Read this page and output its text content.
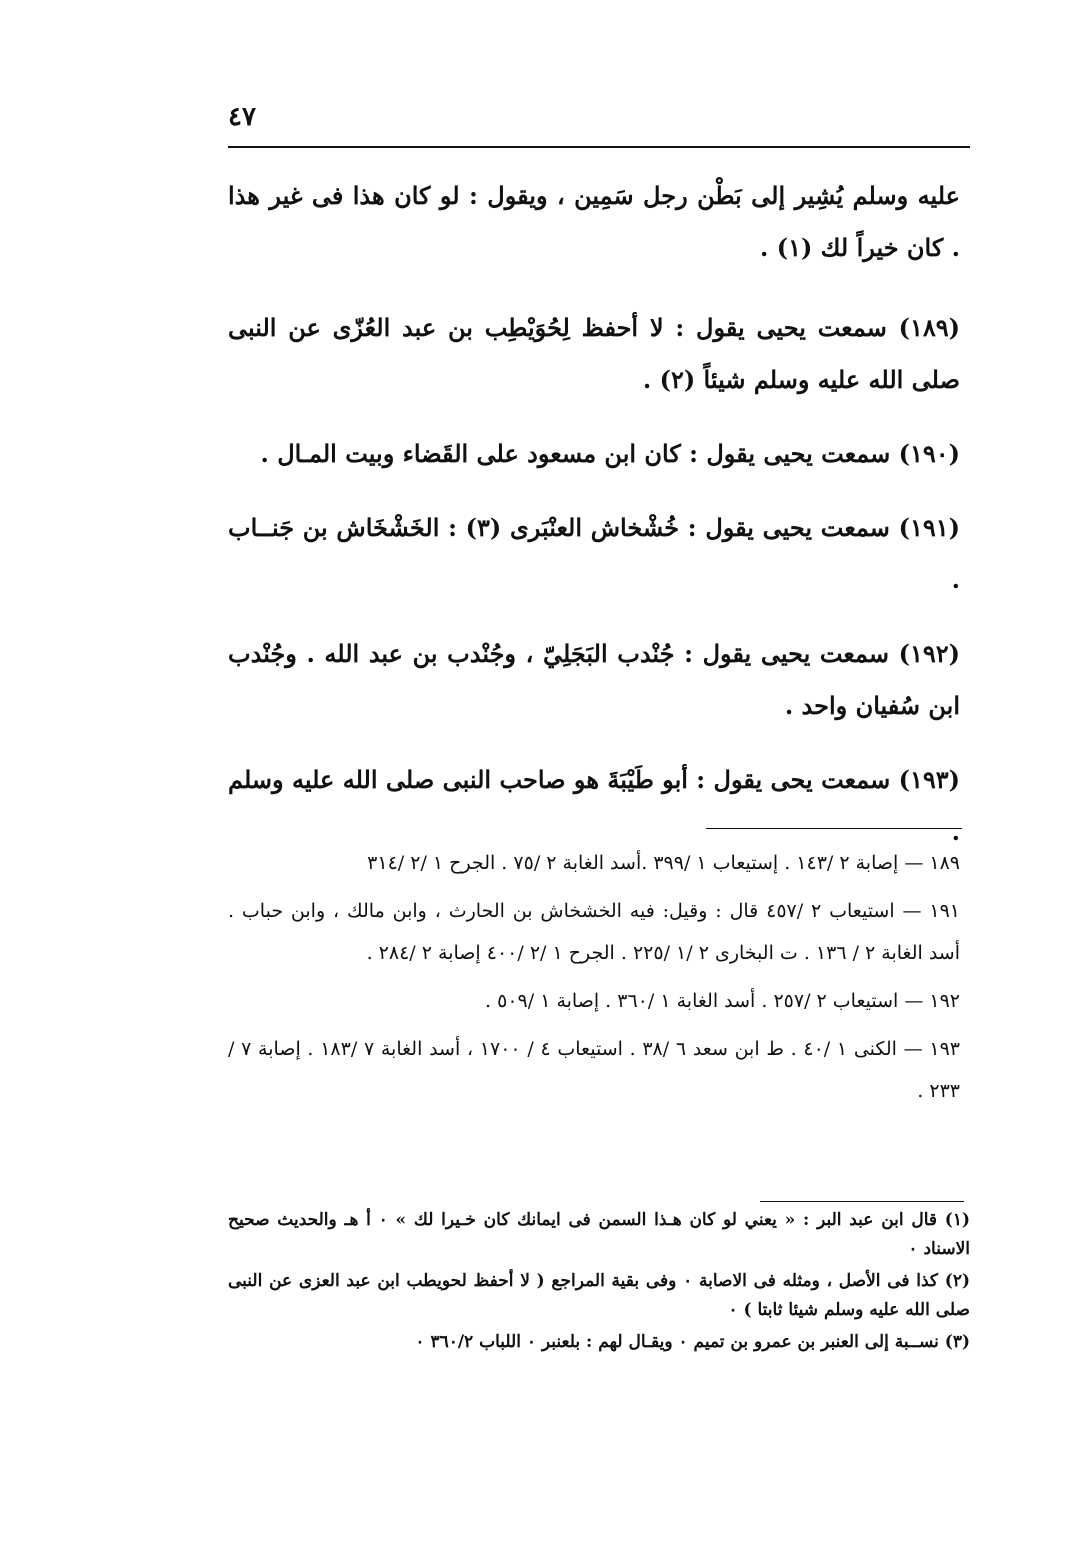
٤٧

عليه وسلم يُشِير إلى بَطْن رجل سَمِين ، ويقول : لو كان هذا فى غير هذا . كان خيراً لك (١) .

(١٨٩) سمعت يحيى يقول : لا أحفظ لِحُوَيْطِب بن عبد العُزّى عن النبى صلى الله عليه وسلم شيئاً (٢) .

(١٩٠) سمعت يحيى يقول : كان ابن مسعود على القَضاء وبيت المـال .

(١٩١) سمعت يحيى يقول : خُشْخاش العنْبَرى (٣) : الخَشْخَاش بن جَنــاب .

(١٩٢) سمعت يحيى يقول : جُنْدب البَجَلِيّ ، وجُنْدب بن عبد الله . وجُنْدب ابن سُفيان واحد .

(١٩٣) سمعت يحى يقول : أبو طَيْبَةَ هو صاحب النبى صلى الله عليه وسلم .

١٨٩ — إصابة ٢ /١٤٣ . إستيعاب ١ /٣٩٩ .أسد الغابة ٢ /٧٥ . الجرح ١ /٢ /٣١٤

١٩١ — استيعاب ٢ /٤٥٧ قال : وقيل: فيه الخشخاش بن الحارث ، وابن مالك ، وابن حباب . أسد الغابة ٢ / ١٣٦ . ت البخارى ٢ /١ /٢٢٥ . الجرح ١ /٢ /٤٠٠ إصابة ٢ /٢٨٤ .

١٩٢ — استيعاب ٢ /٢٥٧ . أسد الغابة ١ /٣٦٠ . إصابة ١ /٥٠٩ .

١٩٣ — الكنى ١ /٤٠ . ط ابن سعد ٦ /٣٨ . استيعاب ٤ / ١٧٠٠ ، أسد الغابة ٧ /١٨٣ . إصابة ٧ / ٢٣٣ .

(١) قال ابن عبد البر : « يعني لو كان هـذا السمن فى ايمانك كان خـيرا لك » ٠ أ هـ والحديث صحيح الاسناد ٠

(٢) كذا فى الأصل ، ومثله فى الاصابة ٠ وفى بقية المراجع ( لا أحفظ لحويطب ابن عبد العزى عن النبى صلى الله عليه وسلم شيئا ثابتا ) ٠

(٣) نســبة إلى العنبر بن عمرو بن تميم ٠ ويقـال لهم : بلعنبر ٠ اللباب ٣٦٠/٢ ٠
